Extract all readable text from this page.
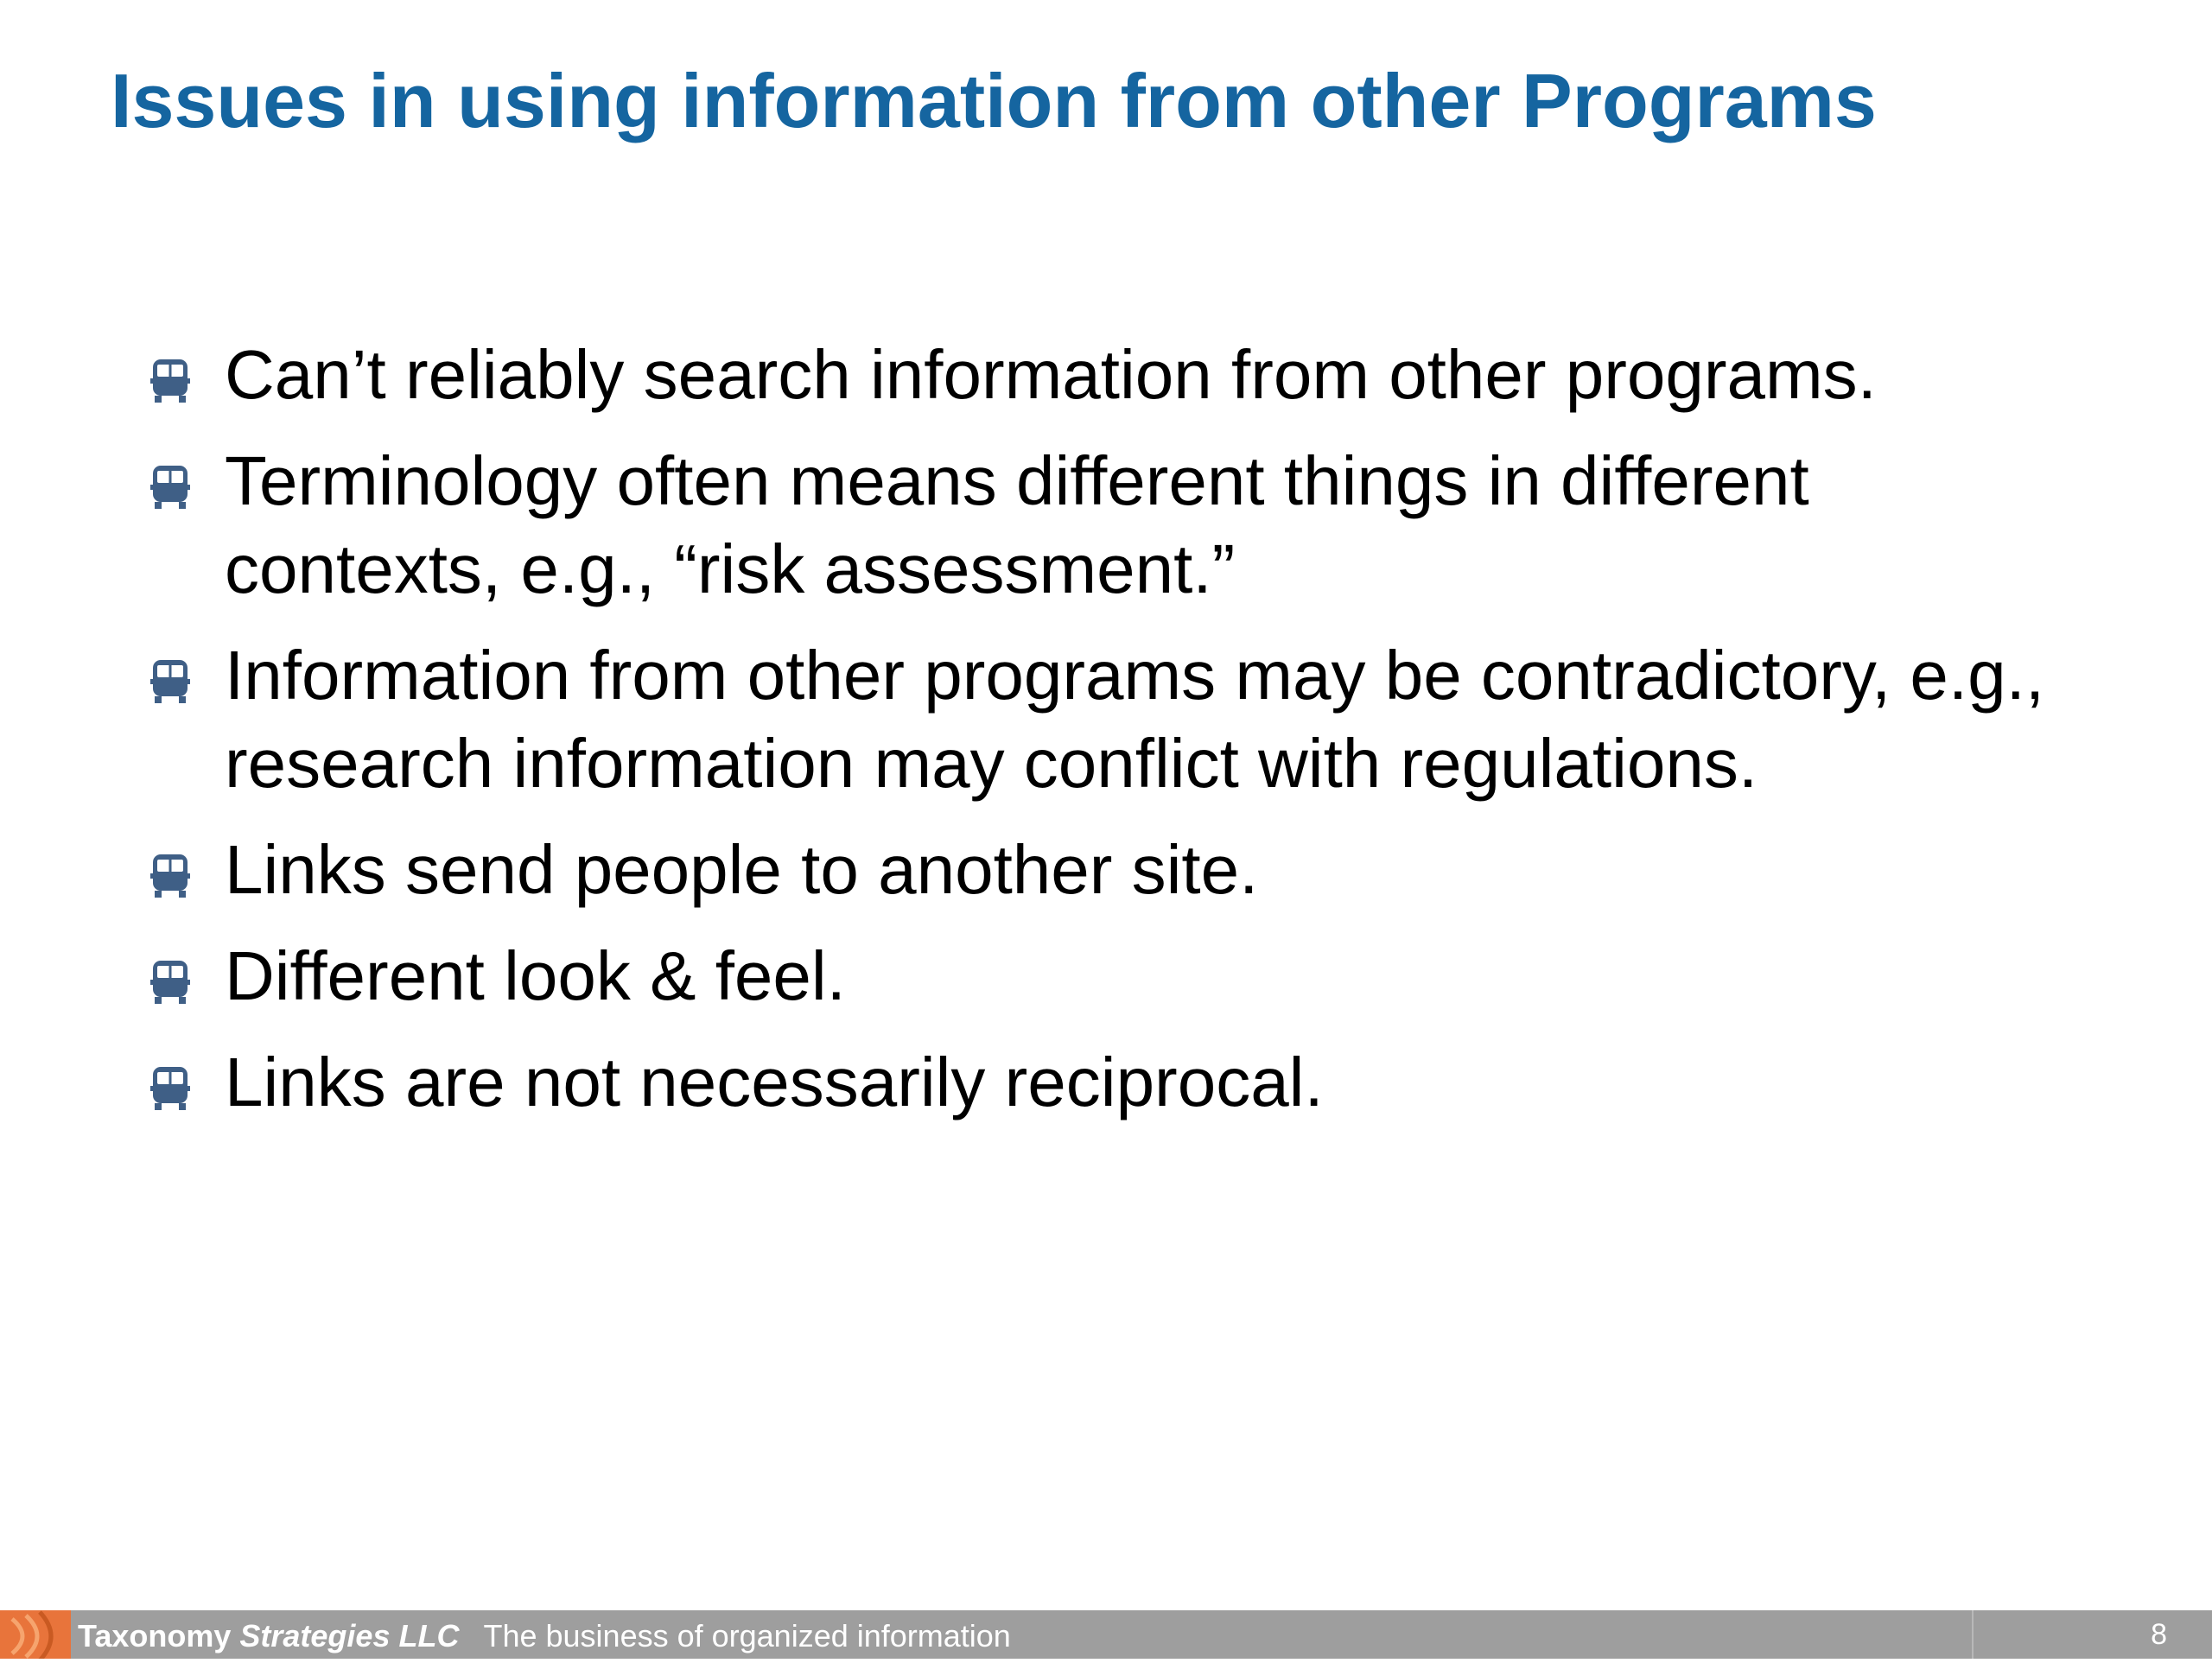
Issues in using information from other Programs
Can’t reliably search information from other programs.
Terminology often means different things in different contexts, e.g., “risk assessment.”
Information from other programs may be contradictory, e.g., research information may conflict with regulations.
Links send people to another site.
Different look & feel.
Links are not necessarily reciprocal.
Taxonomy Strategies LLC The business of organized information	8
